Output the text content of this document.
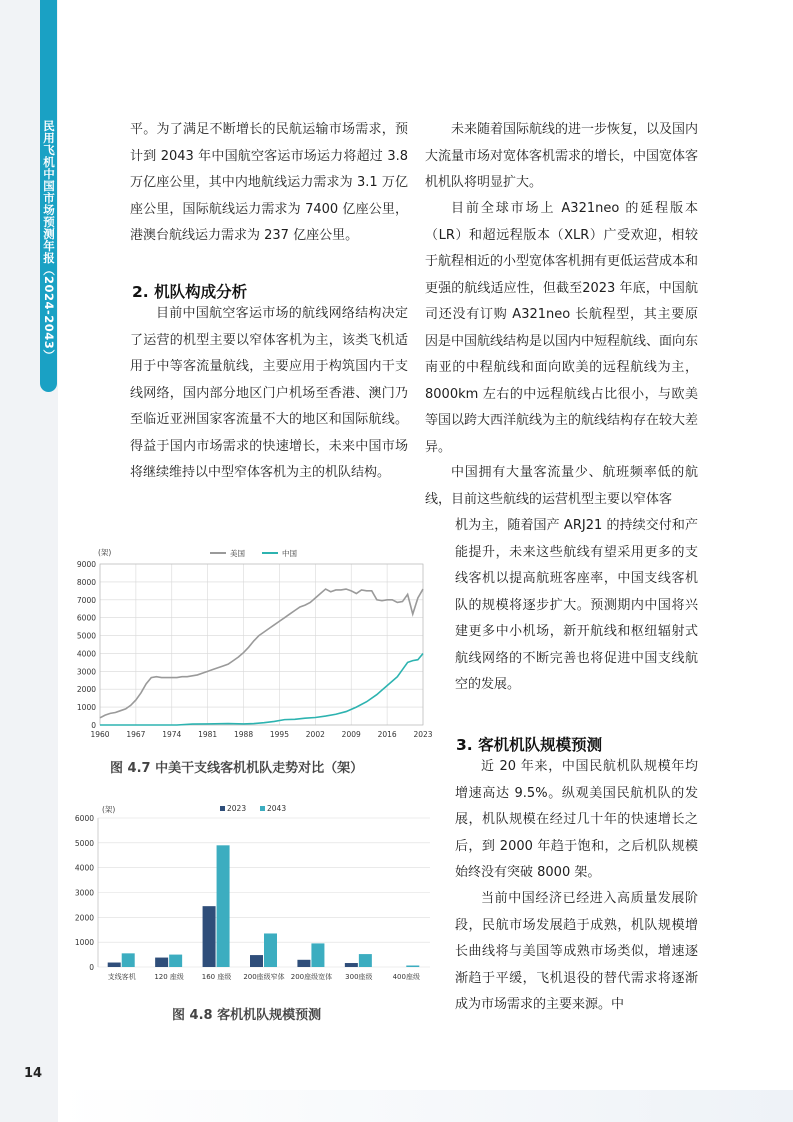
民用飞机中国市场预测年报（2024-2043）
14

平。为了满足不断增长的民航运输市场需求，预计到 2043 年中国航空客运市场运力将超过 3.8 万亿座公里，其中内地航线运力需求为 3.1 万亿座公里，国际航线运力需求为 7400 亿座公里，港澳台航线运力需求为 237 亿座公里。

2. 机队构成分析

目前中国航空客运市场的航线网络结构决定了运营的机型主要以窄体客机为主，该类飞机适用于中等客流量航线，主要应用于构筑国内干支线网络，国内部分地区门户机场至香港、澳门乃至临近亚洲国家客流量不大的地区和国际航线。得益于国内市场需求的快速增长，未来中国市场将继续维持以中型窄体客机为主的机队结构。

未来随着国际航线的进一步恢复，以及国内大流量市场对宽体客机需求的增长，中国宽体客机机队将明显扩大。

目前全球市场上 A321neo 的延程版本（LR）和超远程版本（XLR）广受欢迎，相较于航程相近的小型宽体客机拥有更低运营成本和更强的航线适应性，但截至2023 年底，中国航司还没有订购 A321neo 长航程型，其主要原因是中国航线结构是以国内中短程航线、面向东南亚的中程航线和面向欧美的远程航线为主，8000km 左右的中远程航线占比很小，与欧美等国以跨大西洋航线为主的航线结构存在较大差异。

中国拥有大量客流量少、航班频率低的航线，目前这些航线的运营机型主要以窄体客

机为主，随着国产 ARJ21 的持续交付和产能提升，未来这些航线有望采用更多的支线客机以提高航班客座率，中国支线客机队的规模将逐步扩大。预测期内中国将兴建更多中小机场，新开航线和枢纽辐射式航线网络的不断完善也将促进中国支线航空的发展。

3. 客机机队规模预测

近 20 年来，中国民航机队规模年均增速高达 9.5%。纵观美国民航机队的发展，机队规模在经过几十年的快速增长之后，到 2000 年趋于饱和，之后机队规模始终没有突破 8000 架。

当前中国经济已经进入高质量发展阶段，民航市场发展趋于成熟，机队规模增长曲线将与美国等成熟市场类似，增速逐渐趋于平缓，飞机退役的替代需求将逐渐成为市场需求的主要来源。中

(架)
0
1000
2000
3000
4000
5000
6000
7000
8000
9000
1960 1967 1974 1981 1988 1995 2002 2009 2016 2023
美国	中国
图 4.7 中美干支线客机机队走势对比（架）
(架)
0
1000
2000
3000
4000
5000
6000
支线客机	120 座级	160 座级 200座级窄体 200座级宽体 300座级	400座级
2023	2043
图 4.8 客机机队规模预测
